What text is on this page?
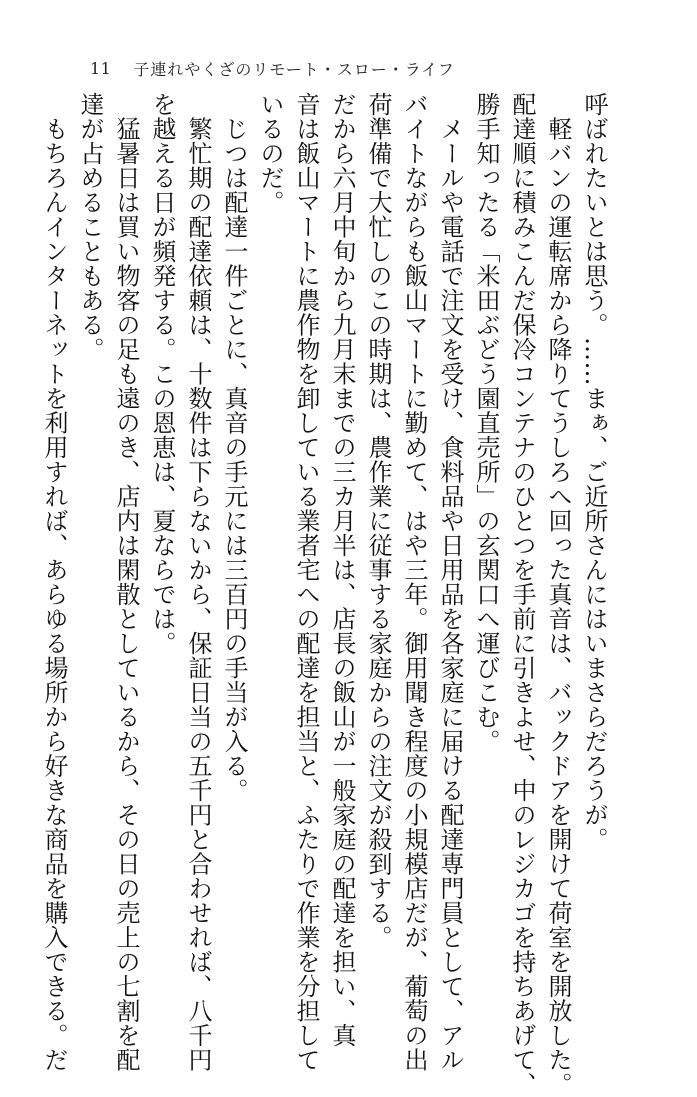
11 子連れやくざのリモート・スロー・ライフ
呼ばれたいとは思う。……まぁ、ご近所さんにはいまさらだろうが。
　軽バンの運転席から降りてうしろへ回った真音は、バックドアを開けて荷室を開放した。
配達順に積みこんだ保冷コンテナのひとつを手前に引きよせ、中のレジカゴを持ちあげて、
勝手知ったる「米田ぶどう園直売所」の玄関口へ運びこむ。
　メールや電話で注文を受け、食料品や日用品を各家庭に届ける配達専門員として、アル
バイトながらも飯山マートに勤めて、はや三年。御用聞き程度の小規模店だが、葡萄の出
荷準備で大忙しのこの時期は、農作業に従事する家庭からの注文が殺到する。
だから六月中旬から九月末までの三カ月半は、店長の飯山が一般家庭の配達を担い、真
音は飯山マートに農作物を卸している業者宅への配達を担当と、ふたりで作業を分担して
いるのだ。
　じつは配達一件ごとに、真音の手元には三百円の手当が入る。
　繁忙期の配達依頼は、十数件は下らないから、保証日当の五千円と合わせれば、八千円
を越える日が頻発する。この恩恵は、夏ならでは。
　猛暑日は買い物客の足も遠のき、店内は閑散としているから、その日の売上の七割を配
達が占めることもある。
　もちろんインターネットを利用すれば、あらゆる場所から好きな商品を購入できる。だ
